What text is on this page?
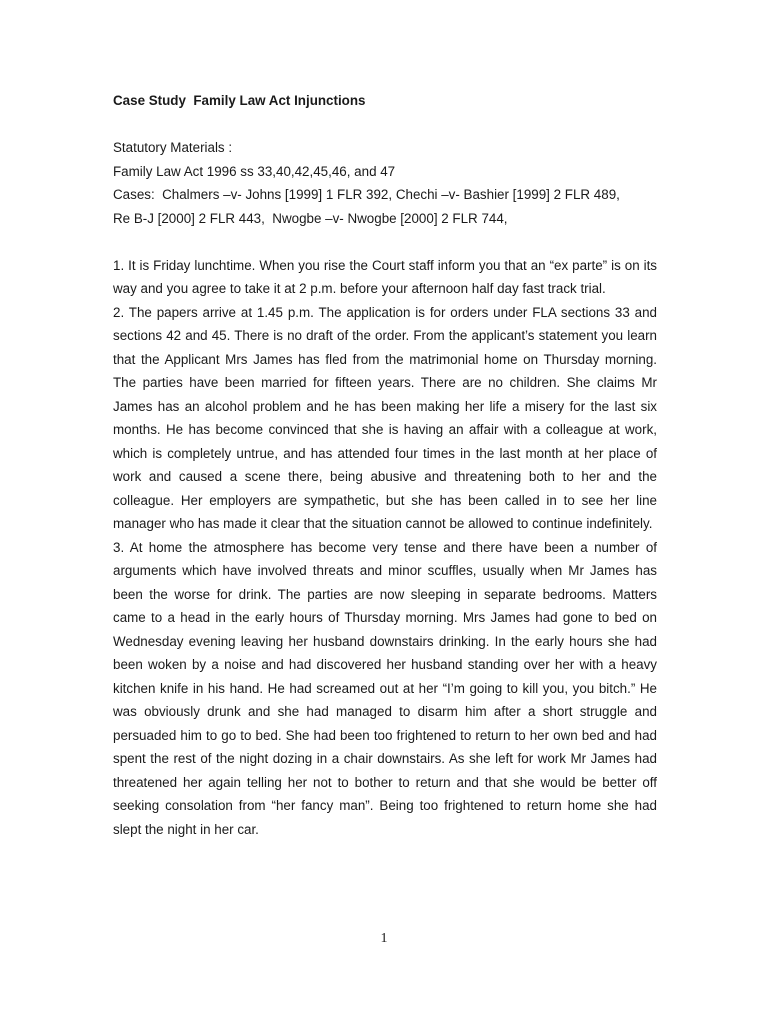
Case Study  Family Law Act Injunctions

Statutory Materials :

Family Law Act 1996 ss 33,40,42,45,46, and 47

Cases:  Chalmers –v- Johns [1999] 1 FLR 392, Chechi –v- Bashier [1999] 2 FLR 489,

Re B-J [2000] 2 FLR 443,  Nwogbe –v- Nwogbe [2000] 2 FLR 744,

1. It is Friday lunchtime. When you rise the Court staff inform you that an “ex parte” is on its way and you agree to take it at 2 p.m. before your afternoon half day fast track trial.

2. The papers arrive at 1.45 p.m. The application is for orders under FLA sections 33 and sections 42 and 45. There is no draft of the order. From the applicant’s statement you learn that the Applicant Mrs James has fled from the matrimonial home on Thursday morning. The parties have been married for fifteen years. There are no children. She claims Mr James has an alcohol problem and he has been making her life a misery for the last six months. He has become convinced that she is having an affair with a colleague at work, which is completely untrue, and has attended four times in the last month at her place of work and caused a scene there, being abusive and threatening both to her and the colleague. Her employers are sympathetic, but she has been called in to see her line manager who has made it clear that the situation cannot be allowed to continue indefinitely.

3. At home the atmosphere has become very tense and there have been a number of arguments which have involved threats and minor scuffles, usually when Mr James has been the worse for drink. The parties are now sleeping in separate bedrooms. Matters came to a head in the early hours of Thursday morning. Mrs James had gone to bed on Wednesday evening leaving her husband downstairs drinking. In the early hours she had been woken by a noise and had discovered her husband standing over her with a heavy kitchen knife in his hand. He had screamed out at her “I’m going to kill you, you bitch.” He was obviously drunk and she had managed to disarm him after a short struggle and persuaded him to go to bed. She had been too frightened to return to her own bed and had spent the rest of the night dozing in a chair downstairs. As she left for work Mr James had threatened her again telling her not to bother to return and that she would be better off seeking consolation from “her fancy man”. Being too frightened to return home she had slept the night in her car.

1
